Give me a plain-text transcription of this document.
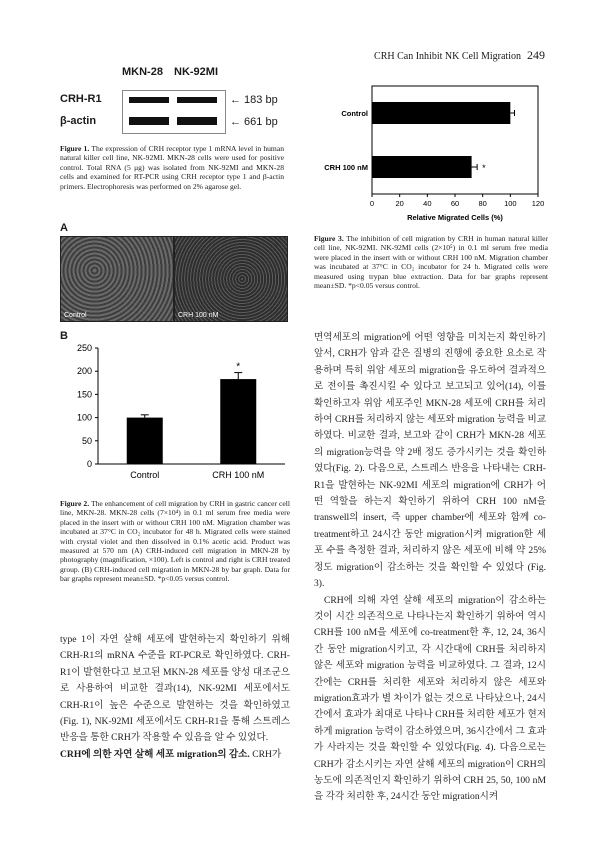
CRH Can Inhibit NK Cell Migration 249
MKN-28 NK-92MI
CRH-R1
β-actin
← 183 bp
← 661 bp
Figure 1. The expression of CRH receptor type 1 mRNA level in human natural killer cell line, NK-92MI. MKN-28 cells were used for positive control. Total RNA (5 μg) was isolated from NK-92MI and MKN-28 cells and examined for RT-PCR using CRH receptor type 1 and β-actin primers. Electrophoresis was performed on 2% agarose gel.
0	20	40	60	80 100 120
Relative Migrated Cells (%)
Control
CRH 100 nM	*
Figure 3. The inhibition of cell migration by CRH in human natural killer cell line, NK-92MI. NK-92MI cells (2×10⁵) in 0.1 ml serum free media were placed in the insert with or without CRH 100 nM. Migration chamber was incubated at 37°C in CO₂ incubator for 24 h. Migrated cells were measured using trypan blue extraction. Data for bar graphs represent mean±SD. *p<0.05 versus control.
A
Control	CRH 100 nM
B
0
50
100
150
200
250
Control	CRH 100 nM
*
Figure 2. The enhancement of cell migration by CRH in gastric cancer cell line, MKN-28. MKN-28 cells (7×10⁴) in 0.1 ml serum free media were placed in the insert with or without CRH 100 nM. Migration chamber was incubated at 37°C in CO₂ incubator for 48 h. Migrated cells were stained with crystal violet and then dissolved in 0.1% acetic acid. Product was measured at 570 nm (A) CRH-induced cell migration in MKN-28 by photography (magnification, ×100). Left is control and right is CRH treated group. (B) CRH-induced cell migration in MKN-28 by bar graph. Data for bar graphs represent mean±SD. *p<0.05 versus control.

type 1이 자연 살해 세포에 발현하는지 확인하기 위해 CRH-R1의 mRNA 수준을 RT-PCR로 확인하였다. CRH-R1이 발현한다고 보고된 MKN-28 세포를 양성 대조군으로 사용하여 비교한 결과(14), NK-92MI 세포에서도 CRH-R1이 높은 수준으로 발현하는 것을 확인하였고(Fig. 1), NK-92MI 세포에서도 CRH-R1을 통해 스트레스 반응을 통한 CRH가 작용할 수 있음을 알 수 있었다.

CRH에 의한 자연 살해 세포 migration의 감소. CRH가

면역세포의 migration에 어떤 영향을 미치는지 확인하기 앞서, CRH가 암과 같은 질병의 진행에 중요한 요소로 작용하며 특히 위암 세포의 migration을 유도하여 결과적으로 전이를 촉진시킬 수 있다고 보고되고 있어(14), 이를 확인하고자 위암 세포주인 MKN-28 세포에 CRH를 처리하여 CRH를 처리하지 않는 세포와 migration 능력을 비교하였다. 비교한 결과, 보고와 같이 CRH가 MKN-28 세포의 migration능력을 약 2배 정도 증가시키는 것을 확인하였다(Fig. 2). 다음으로, 스트레스 반응을 나타내는 CRH-R1을 발현하는 NK-92MI 세포의 migration에 CRH가 어떤 역할을 하는지 확인하기 위하여 CRH 100 nM을 transwell의 insert, 즉 upper chamber에 세포와 함께 co-treatment하고 24시간 동안 migration시켜 migration한 세포 수를 측정한 결과, 처리하지 않은 세포에 비해 약 25% 정도 migration이 감소하는 것을 확인할 수 있었다 (Fig. 3).

CRH에 의해 자연 살해 세포의 migration이 감소하는 것이 시간 의존적으로 나타나는지 확인하기 위하여 역시 CRH를 100 nM을 세포에 co-treatment한 후, 12, 24, 36시간 동안 migration시키고, 각 시간대에 CRH를 처리하지 않은 세포와 migration 능력을 비교하였다. 그 결과, 12시간에는 CRH를 처리한 세포와 처리하지 않은 세포와 migration효과가 별 차이가 없는 것으로 나타났으나, 24시간에서 효과가 최대로 나타나 CRH를 처리한 세포가 현저하게 migration 능력이 감소하였으며, 36시간에서 그 효과가 사라지는 것을 확인할 수 있었다(Fig. 4). 다음으로는 CRH가 감소시키는 자연 살해 세포의 migration이 CRH의 농도에 의존적인지 확인하기 위하여 CRH 25, 50, 100 nM을 각각 처리한 후, 24시간 동안 migration시켜
